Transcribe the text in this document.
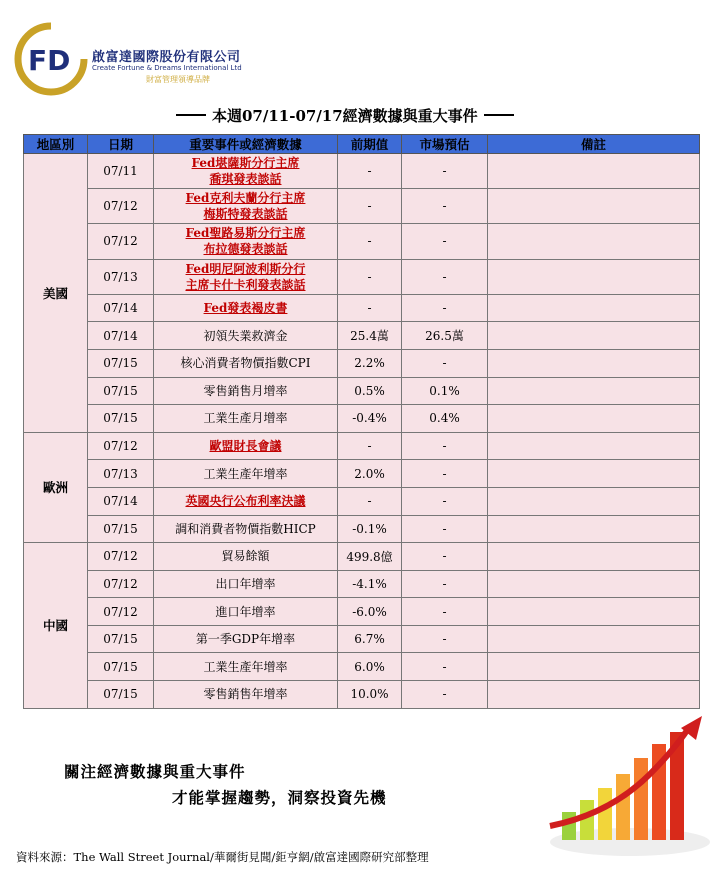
FD 啟富達國際股份有限公司
Create Fortune & Dreams International Ltd
財富管理領導品牌
本週07/11-07/17經濟數據與重大事件
地區別	日期	重要事件或經濟數據	前期值	市場預估	備註
美國	07/11	Fed堪薩斯分行主席
喬琪發表談話	-	-	
	07/12	Fed克利夫蘭分行主席
梅斯特發表談話	-	-	
	07/12	Fed聖路易斯分行主席
布拉德發表談話	-	-	
	07/13	Fed明尼阿波利斯分行
主席卡什卡利發表談話	-	-	
	07/14	Fed發表褐皮書	-	-	
	07/14	初領失業救濟金	25.4萬	26.5萬	
	07/15	核心消費者物價指數CPI	2.2%	-	
	07/15	零售銷售月增率	0.5%	0.1%	
	07/15	工業生產月增率	-0.4%	0.4%	
歐洲	07/12	歐盟財長會議	-	-	
	07/13	工業生產年增率	2.0%	-	
	07/14	英國央行公布利率決議	-	-	
	07/15	調和消費者物價指數HICP	-0.1%	-	
中國	07/12	貿易餘額	499.8億	-	
	07/12	出口年增率	-4.1%	-	
	07/12	進口年增率	-6.0%	-	
	07/15	第一季GDP年增率	6.7%	-	
	07/15	工業生產年增率	6.0%	-	
	07/15	零售銷售年增率	10.0%	-	
關注經濟數據與重大事件
才能掌握趨勢，洞察投資先機
資料來源：The Wall Street Journal/華爾街見聞/鉅亨網/啟富達國際研究部整理
